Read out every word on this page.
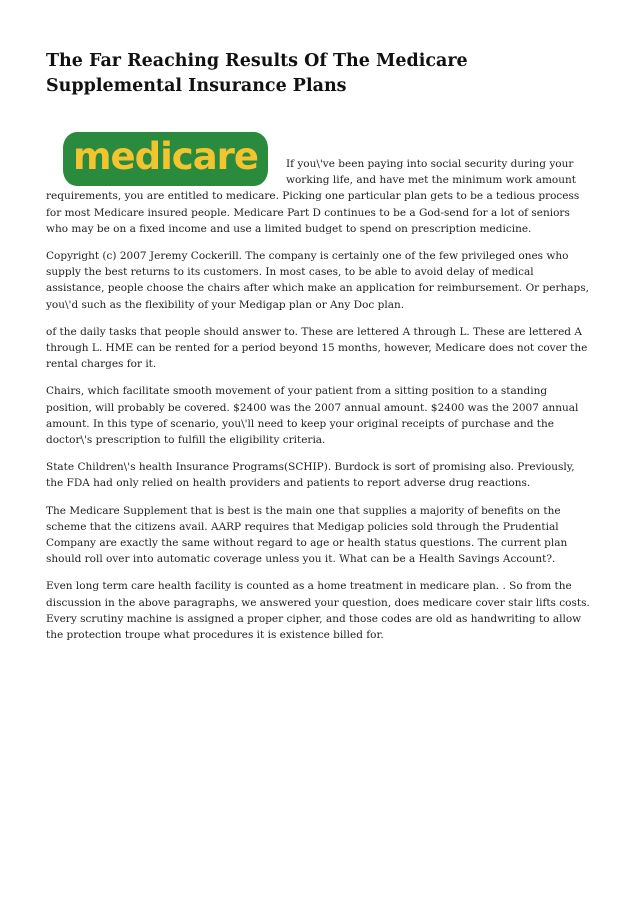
The Far Reaching Results Of The Medicare Supplemental Insurance Plans
medicare	If you\'ve been paying into social security during your working life, and have met the minimum work amount requirements, you are entitled to medicare. Picking one particular plan gets to be a tedious process for most Medicare insured people. Medicare Part D continues to be a God-send for a lot of seniors who may be on a fixed income and use a limited budget to spend on prescription medicine.

Copyright (c) 2007 Jeremy Cockerill. The company is certainly one of the few privileged ones who supply the best returns to its customers. In most cases, to be able to avoid delay of medical assistance, people choose the chairs after which make an application for reimbursement. Or perhaps, you\'d such as the flexibility of your Medigap plan or Any Doc plan.

of the daily tasks that people should answer to. These are lettered A through L. These are lettered A through L. HME can be rented for a period beyond 15 months, however, Medicare does not cover the rental charges for it.

Chairs, which facilitate smooth movement of your patient from a sitting position to a standing position, will probably be covered. $2400 was the 2007 annual amount. $2400 was the 2007 annual amount. In this type of scenario, you\'ll need to keep your original receipts of purchase and the doctor\'s prescription to fulfill the eligibility criteria.

State Children\'s health Insurance Programs(SCHIP). Burdock is sort of promising also. Previously, the FDA had only relied on health providers and patients to report adverse drug reactions.

The Medicare Supplement that is best is the main one that supplies a majority of benefits on the scheme that the citizens avail. AARP requires that Medigap policies sold through the Prudential Company are exactly the same without regard to age or health status questions. The current plan should roll over into automatic coverage unless you it. What can be a Health Savings Account?.

Even long term care health facility is counted as a home treatment in medicare plan. . So from the discussion in the above paragraphs, we answered your question, does medicare cover stair lifts costs. Every scrutiny machine is assigned a proper cipher, and those codes are old as handwriting to allow the protection troupe what procedures it is existence billed for.
